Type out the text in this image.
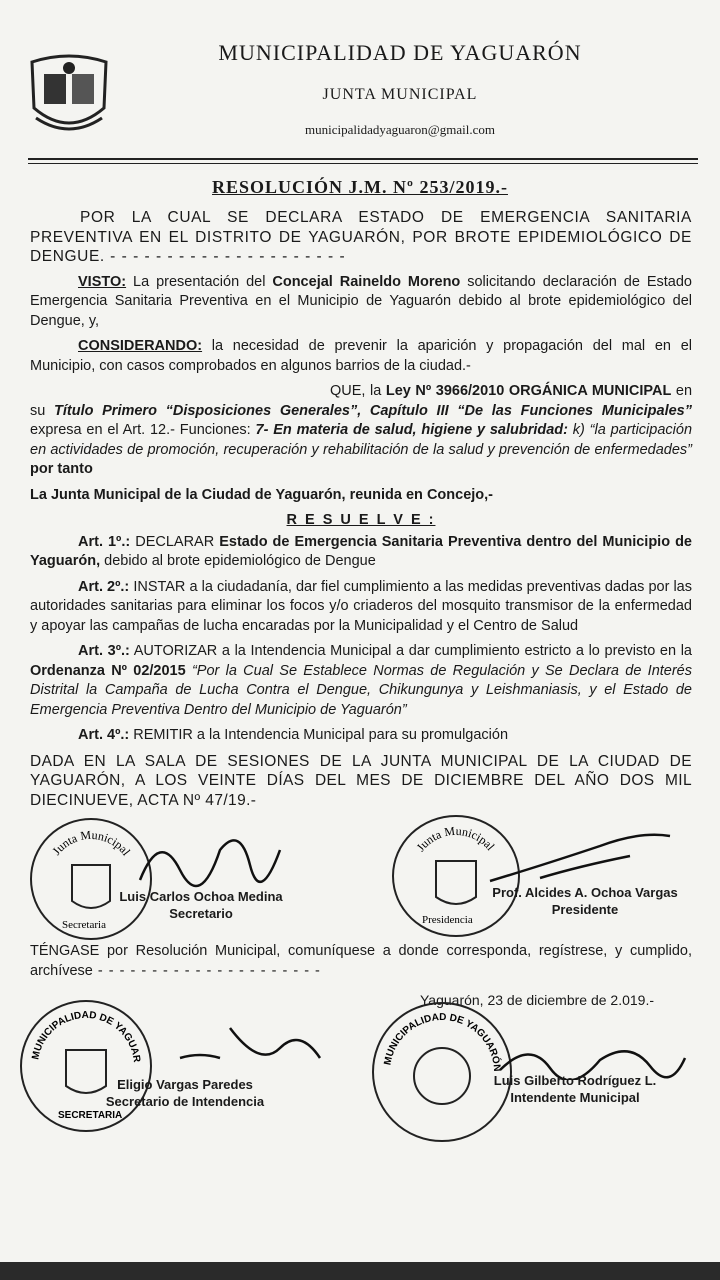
MUNICIPALIDAD DE YAGUARÓN
JUNTA MUNICIPAL
municipalidadyaguaron@gmail.com
RESOLUCIÓN J.M. Nº 253/2019.-

POR LA CUAL SE DECLARA ESTADO DE EMERGENCIA SANITARIA PREVENTIVA EN EL DISTRITO DE YAGUARÓN, POR BROTE EPIDEMIOLÓGICO DE DENGUE. - - -

VISTO: La presentación del Concejal Raineldo Moreno solicitando declaración de Estado Emergencia Sanitaria Preventiva en el Municipio de Yaguarón debido al brote epidemiológico del Dengue, y,

CONSIDERANDO: la necesidad de prevenir la aparición y propagación del mal en el Municipio, con casos comprobados en algunos barrios de la ciudad.-

QUE, la Ley Nº 3966/2010 ORGÁNICA MUNICIPAL en su Título Primero “Disposiciones Generales”, Capítulo III “De las Funciones Municipales” expresa en el Art. 12.- Funciones: 7- En materia de salud, higiene y salubridad: k) “la participación en actividades de promoción, recuperación y rehabilitación de la salud y prevención de enfermedades” por tanto

La Junta Municipal de la Ciudad de Yaguarón, reunida en Concejo,-

R E S U E L V E :

Art. 1º.: DECLARAR Estado de Emergencia Sanitaria Preventiva dentro del Municipio de Yaguarón, debido al brote epidemiológico de Dengue

Art. 2º.: INSTAR a la ciudadanía, dar fiel cumplimiento a las medidas preventivas dadas por las autoridades sanitarias para eliminar los focos y/o criaderos del mosquito transmisor de la enfermedad y apoyar las campañas de lucha encaradas por la Municipalidad y el Centro de Salud

Art. 3º.: AUTORIZAR a la Intendencia Municipal a dar cumplimiento estricto a lo previsto en la Ordenanza Nº 02/2015 “Por la Cual Se Establece Normas de Regulación y Se Declara de Interés Distrital la Campaña de Lucha Contra el Dengue, Chikungunya y Leishmaniasis, y el Estado de Emergencia Preventiva Dentro del Municipio de Yaguarón”

Art. 4º.: REMITIR a la Intendencia Municipal para su promulgación

DADA EN LA SALA DE SESIONES DE LA JUNTA MUNICIPAL DE LA CIUDAD DE YAGUARÓN, A LOS VEINTE DÍAS DEL MES DE DICIEMBRE DEL AÑO DOS MIL DIECINUEVE, ACTA Nº 47/19.-

Junta Municipal
Secretaria
Luis Carlos Ochoa Medina
Secretario
Junta Municipal
Presidencia
Prof. Alcides A. Ochoa Vargas
Presidente
TÉNGASE por Resolución Municipal, comuníquese a donde corresponda, regístrese, y cumplido, archívese - - -
Yaguarón, 23 de diciembre de 2.019.-
MUNICIPALIDAD DE YAGUAR
SECRETARIA
Eligio Vargas Paredes
Secretario de Intendencia
MUNICIPALIDAD DE YAGUARÓN
Luis Gilberto Rodríguez L.
Intendente Municipal
